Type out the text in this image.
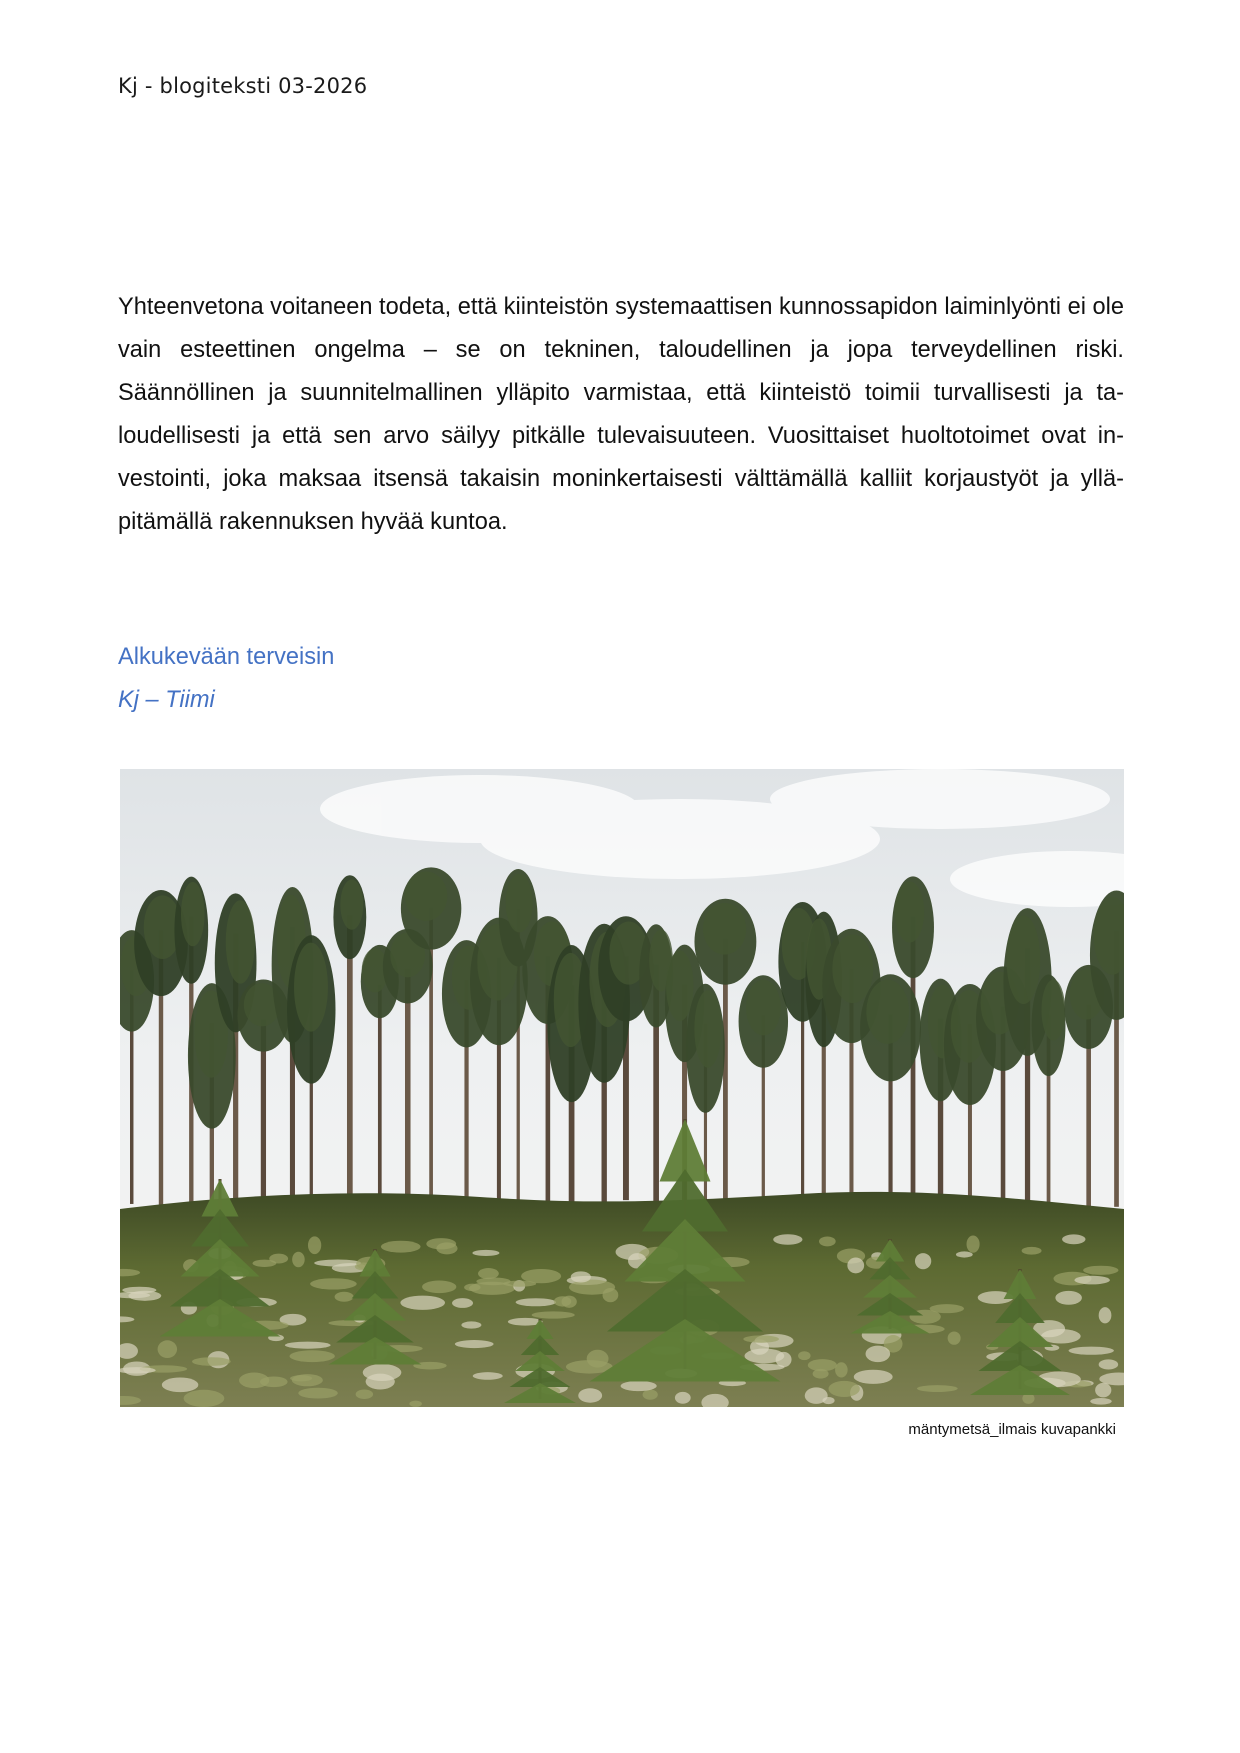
Kj - blogiteksti 03-2026

Yhteenvetona voitaneen todeta, että kiinteistön systemaattisen kunnossapidon laiminlyönti ei ole vain esteettinen ongelma – se on tekninen, taloudellinen ja jopa terveydellinen riski. Säännöllinen ja suunnitelmallinen ylläpito varmistaa, että kiinteistö toimii turvallisesti ja taloudellisesti ja että sen arvo säilyy pitkälle tulevaisuuteen. Vuosittaiset huoltotoimet ovat investointi, joka maksaa itsensä takaisin moninkertaisesti välttämällä kalliit korjaustyöt ja ylläpitämällä rakennuksen hyvää kuntoa.

Alkukevään terveisin
Kj – Tiimi
mäntymetsä_ilmais kuvapankki
